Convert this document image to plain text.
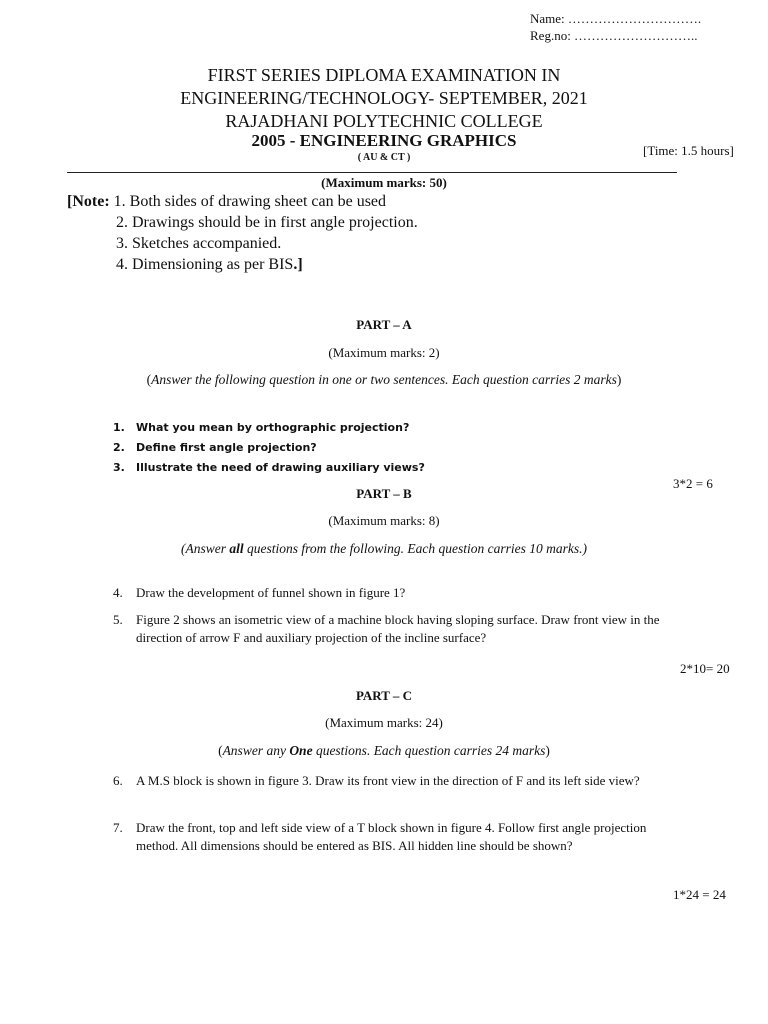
Name: ………………………….
Reg.no: ………………………..
FIRST SERIES DIPLOMA EXAMINATION IN
ENGINEERING/TECHNOLOGY- SEPTEMBER, 2021
RAJADHANI POLYTECHNIC COLLEGE
2005 - ENGINEERING GRAPHICS
( AU & CT )	[Time: 1.5 hours]
(Maximum marks: 50)
[Note: 1. Both sides of drawing sheet can be used
2. Drawings should be in first angle projection.
3. Sketches accompanied.
4. Dimensioning as per BIS.]
PART – A
(Maximum marks: 2)
(Answer the following question in one or two sentences. Each question carries 2 marks)
1. What you mean by orthographic projection?
2. Define first angle projection?
3. Illustrate the need of drawing auxiliary views?
3*2 = 6
PART – B
(Maximum marks: 8)
(Answer all questions from the following. Each question carries 10 marks.)
4.	Draw the development of funnel shown in figure 1?
5.	Figure 2 shows an isometric view of a machine block having sloping surface. Draw front view in the direction of arrow F and auxiliary projection of the incline surface?
2*10= 20
PART – C
(Maximum marks: 24)
(Answer any One questions. Each question carries 24 marks)
6.	A M.S block is shown in figure 3. Draw its front view in the direction of F and its left side view?
7.	Draw the front, top and left side view of a T block shown in figure 4. Follow first angle projection method. All dimensions should be entered as BIS. All hidden line should be shown?
1*24 = 24
